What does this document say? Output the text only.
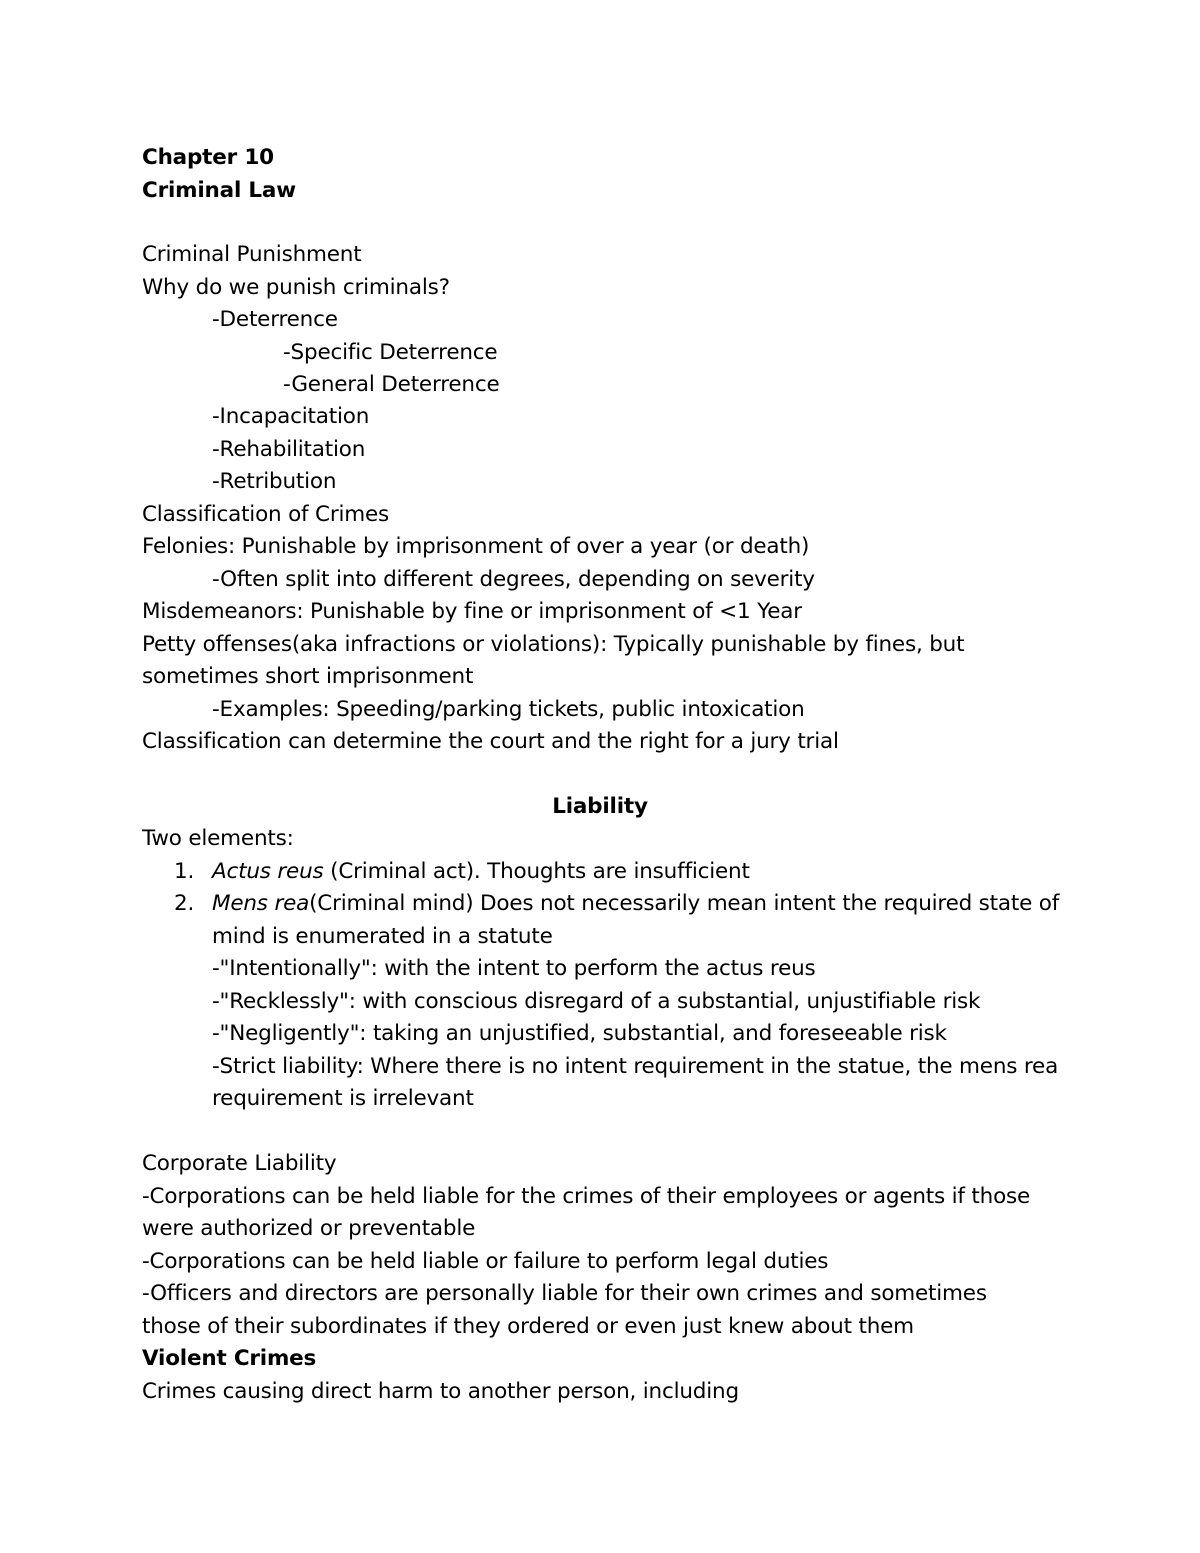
Chapter 10
Criminal Law
Criminal Punishment
Why do we punish criminals?
-Deterrence
-Specific Deterrence
-General Deterrence
-Incapacitation
-Rehabilitation
-Retribution
Classification of Crimes
Felonies: Punishable by imprisonment of over a year (or death)
-Often split into different degrees, depending on severity
Misdemeanors: Punishable by fine or imprisonment of <1 Year
Petty offenses(aka infractions or violations): Typically punishable by fines, but
sometimes short imprisonment
-Examples: Speeding/parking tickets, public intoxication
Classification can determine the court and the right for a jury trial
Liability
Two elements:
1. Actus reus (Criminal act). Thoughts are insufficient
2. Mens rea(Criminal mind) Does not necessarily mean intent the required state of
mind is enumerated in a statute
-"Intentionally": with the intent to perform the actus reus
-"Recklessly": with conscious disregard of a substantial, unjustifiable risk
-"Negligently": taking an unjustified, substantial, and foreseeable risk
-Strict liability: Where there is no intent requirement in the statue, the mens rea
requirement is irrelevant
Corporate Liability
-Corporations can be held liable for the crimes of their employees or agents if those
were authorized or preventable
-Corporations can be held liable or failure to perform legal duties
-Officers and directors are personally liable for their own crimes and sometimes
those of their subordinates if they ordered or even just knew about them
Violent Crimes
Crimes causing direct harm to another person, including
